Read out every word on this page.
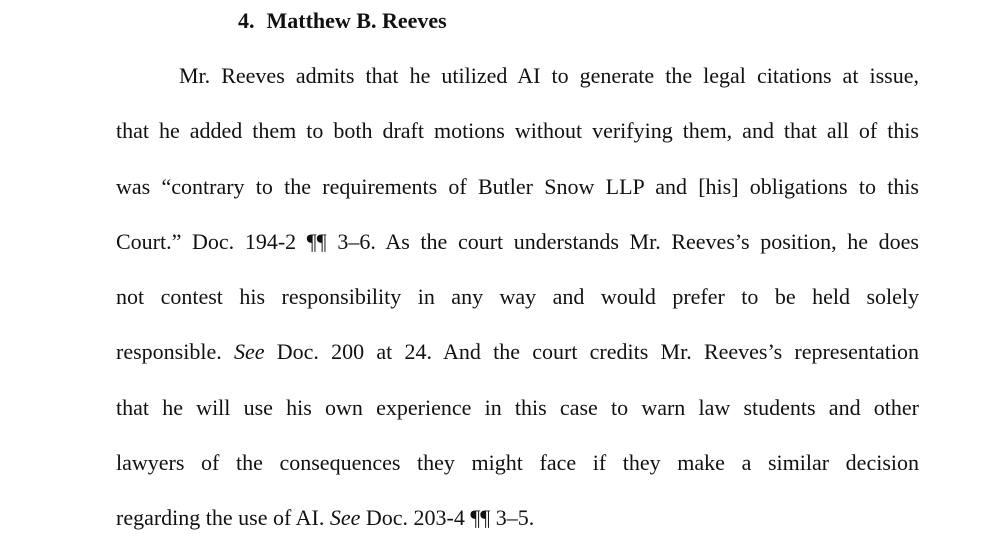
4. Matthew B. Reeves
Mr. Reeves admits that he utilized AI to generate the legal citations at issue,
that he added them to both draft motions without verifying them, and that all of this
was “contrary to the requirements of Butler Snow LLP and [his] obligations to this
Court.” Doc. 194-2 ¶¶ 3–6. As the court understands Mr. Reeves’s position, he does
not contest his responsibility in any way and would prefer to be held solely
responsible. See Doc. 200 at 24. And the court credits Mr. Reeves’s representation
that he will use his own experience in this case to warn law students and other
lawyers of the consequences they might face if they make a similar decision
regarding the use of AI. See Doc. 203-4 ¶¶ 3–5.
